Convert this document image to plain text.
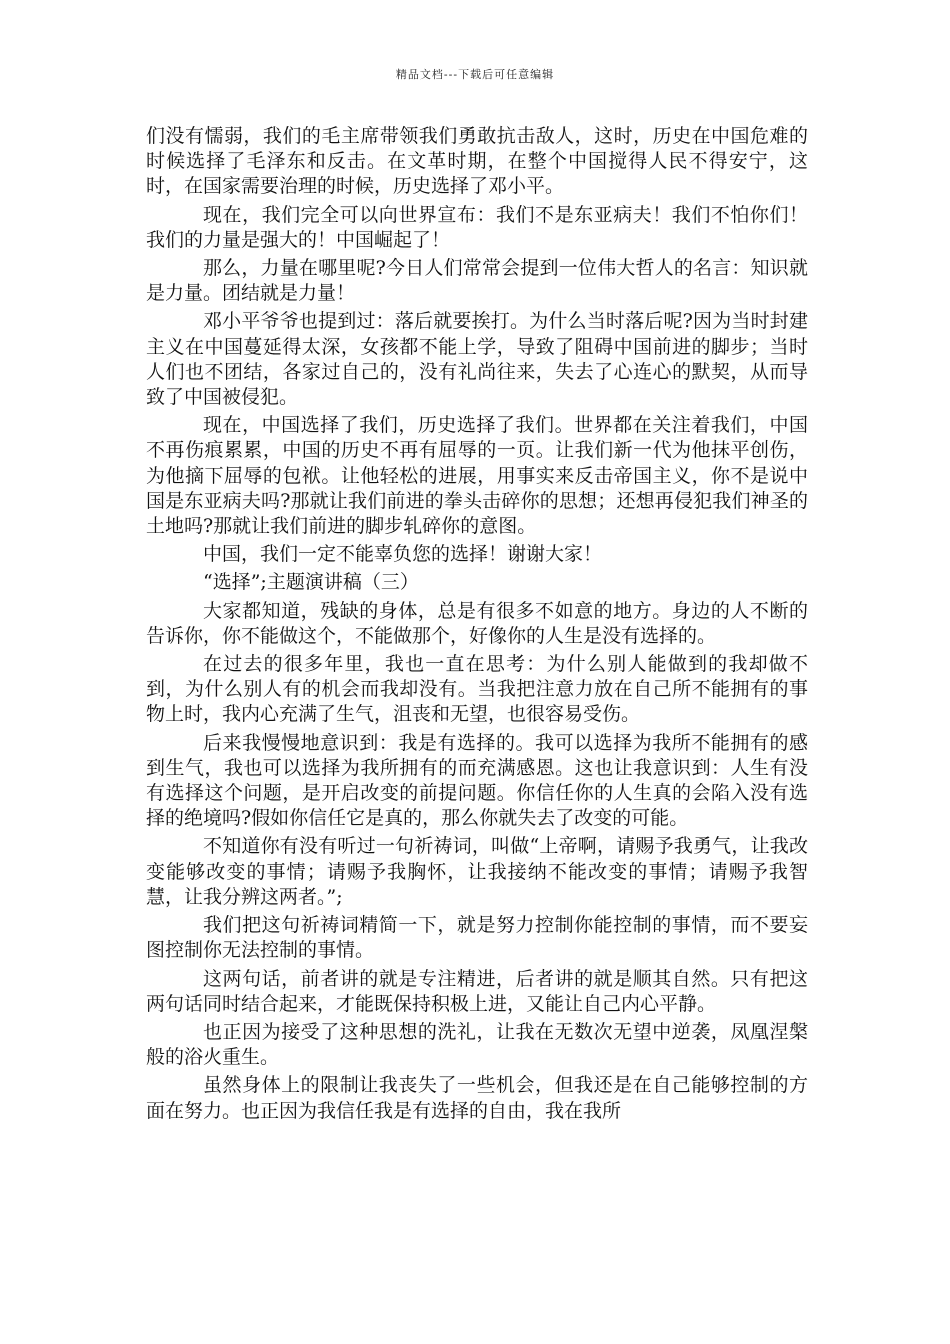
精品文档---下载后可任意编辑

们没有懦弱，我们的毛主席带领我们勇敢抗击敌人，这时，历史在中国危难的时候选择了毛泽东和反击。在文革时期，在整个中国搅得人民不得安宁，这时，在国家需要治理的时候，历史选择了邓小平。

现在，我们完全可以向世界宣布：我们不是东亚病夫！我们不怕你们！我们的力量是强大的！中国崛起了！

那么，力量在哪里呢?今日人们常常会提到一位伟大哲人的名言：知识就是力量。团结就是力量！

邓小平爷爷也提到过：落后就要挨打。为什么当时落后呢?因为当时封建主义在中国蔓延得太深，女孩都不能上学，导致了阻碍中国前进的脚步；当时人们也不团结，各家过自己的，没有礼尚往来，失去了心连心的默契，从而导致了中国被侵犯。

现在，中国选择了我们，历史选择了我们。世界都在关注着我们，中国不再伤痕累累，中国的历史不再有屈辱的一页。让我们新一代为他抹平创伤，为他摘下屈辱的包袱。让他轻松的进展，用事实来反击帝国主义，你不是说中国是东亚病夫吗?那就让我们前进的拳头击碎你的思想；还想再侵犯我们神圣的土地吗?那就让我们前进的脚步轧碎你的意图。

中国，我们一定不能辜负您的选择！谢谢大家！

“选择”;主题演讲稿（三）

大家都知道，残缺的身体，总是有很多不如意的地方。身边的人不断的告诉你，你不能做这个，不能做那个，好像你的人生是没有选择的。

在过去的很多年里，我也一直在思考：为什么别人能做到的我却做不到，为什么别人有的机会而我却没有。当我把注意力放在自己所不能拥有的事物上时，我内心充满了生气，沮丧和无望，也很容易受伤。

后来我慢慢地意识到：我是有选择的。我可以选择为我所不能拥有的感到生气，我也可以选择为我所拥有的而充满感恩。这也让我意识到：人生有没有选择这个问题，是开启改变的前提问题。你信任你的人生真的会陷入没有选择的绝境吗?假如你信任它是真的，那么你就失去了改变的可能。

不知道你有没有听过一句祈祷词，叫做“上帝啊，请赐予我勇气，让我改变能够改变的事情；请赐予我胸怀，让我接纳不能改变的事情；请赐予我智慧，让我分辨这两者。”;

我们把这句祈祷词精简一下，就是努力控制你能控制的事情，而不要妄图控制你无法控制的事情。

这两句话，前者讲的就是专注精进，后者讲的就是顺其自然。只有把这两句话同时结合起来，才能既保持积极上进，又能让自己内心平静。

也正因为接受了这种思想的洗礼，让我在无数次无望中逆袭，凤凰涅槃般的浴火重生。

虽然身体上的限制让我丧失了一些机会，但我还是在自己能够控制的方面在努力。也正因为我信任我是有选择的自由，我在我所
